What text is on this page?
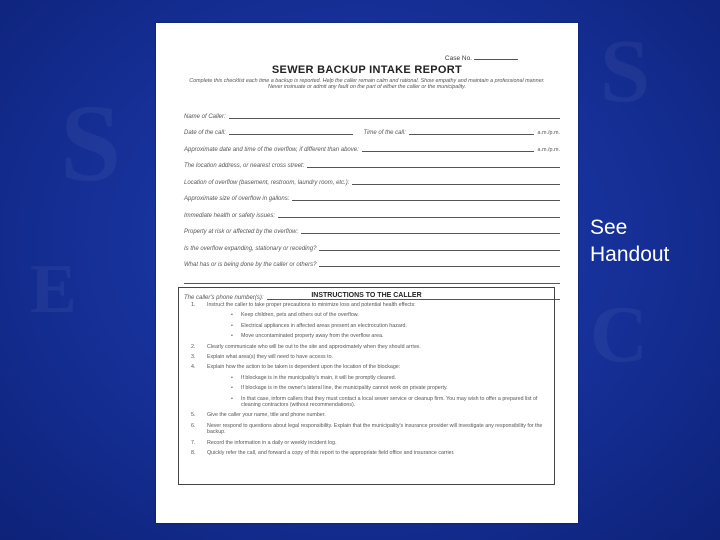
S
E
S
C
See
Handout
Case No.
SEWER BACKUP INTAKE REPORT
Complete this checklist each time a backup is reported. Help the caller remain calm and rational. Show empathy and maintain a professional manner. Never insinuate or admit any fault on the part of either the caller or the municipality.
Name of Caller:
Date of the call:	Time of the call:	a.m./p.m.
Approximate date and time of the overflow, if different than above:	a.m./p.m.
The location address, or nearest cross street:
Location of overflow (basement, restroom, laundry room, etc.):
Approximate size of overflow in gallons:
Immediate health or safety issues:
Property at risk or affected by the overflow:
Is the overflow expanding, stationary or receding?
What has or is being done by the caller or others?
The caller's phone number(s):	INSTRUCTIONS TO THE CALLER
1.	Instruct the caller to take proper precautions to minimize loss and potential health effects:
•	Keep children, pets and others out of the overflow.
•	Electrical appliances in affected areas present an electrocution hazard.
•	Move uncontaminated property away from the overflow area.
2.	Clearly communicate who will be out to the site and approximately when they should arrive.
3.	Explain what area(s) they will need to have access to.
4.	Explain how the action to be taken is dependent upon the location of the blockage:
•	If blockage is in the municipality's main, it will be promptly cleared.
•	If blockage is in the owner's lateral line, the municipality cannot work on private property.
•	In that case, inform callers that they must contact a local sewer service or cleanup firm. You may wish to offer a prepared list of cleaning contractors (without recommendations).
5.	Give the caller your name, title and phone number.
6.	Never respond to questions about legal responsibility. Explain that the municipality's insurance provider will investigate any responsibility for the backup.
7.	Record the information in a daily or weekly incident log.
8.	Quickly refer the call, and forward a copy of this report to the appropriate field office and insurance carrier.
